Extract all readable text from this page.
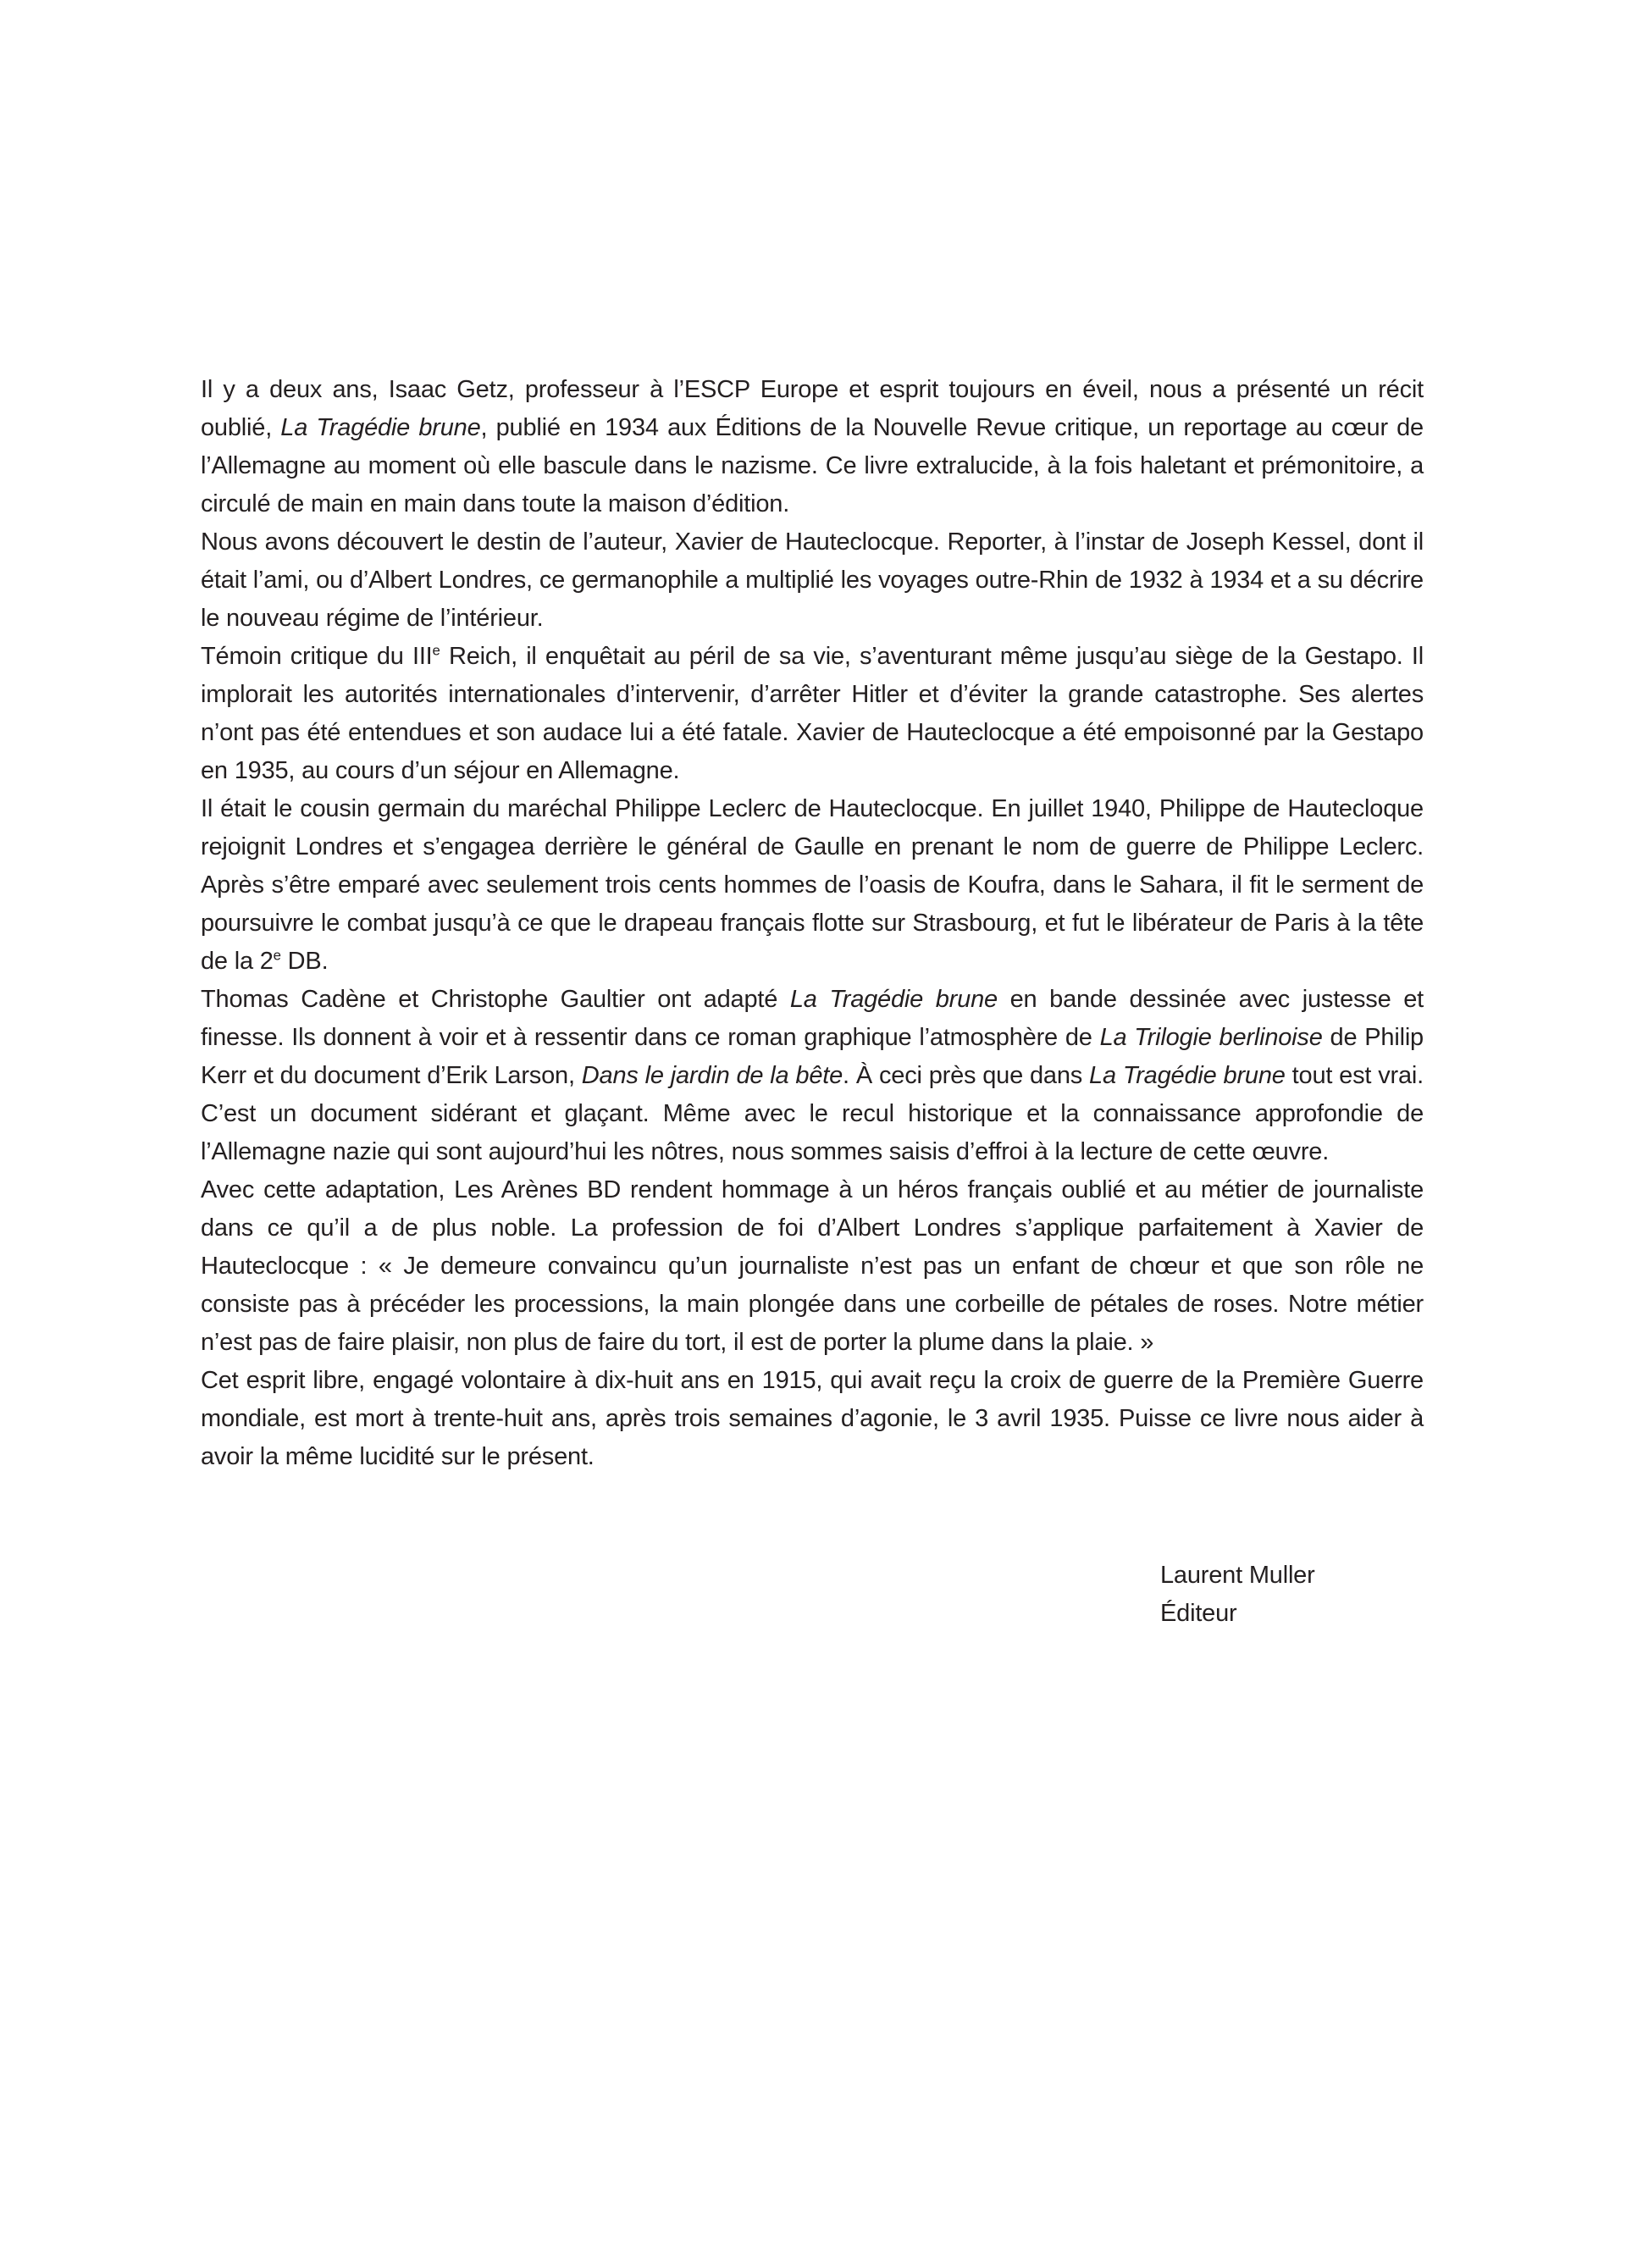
Il y a deux ans, Isaac Getz, professeur à l’ESCP Europe et esprit toujours en éveil, nous a présenté un récit oublié, La Tragédie brune, publié en 1934 aux Éditions de la Nouvelle Revue critique, un reportage au cœur de l’Allemagne au moment où elle bascule dans le nazisme. Ce livre extralucide, à la fois haletant et prémonitoire, a circulé de main en main dans toute la maison d’édition.

Nous avons découvert le destin de l’auteur, Xavier de Hauteclocque. Reporter, à l’instar de Joseph Kessel, dont il était l’ami, ou d’Albert Londres, ce germanophile a multiplié les voyages outre-Rhin de 1932 à 1934 et a su décrire le nouveau régime de l’intérieur.

Témoin critique du IIIe Reich, il enquêtait au péril de sa vie, s’aventurant même jusqu’au siège de la Gestapo. Il implorait les autorités internationales d’intervenir, d’arrêter Hitler et d’éviter la grande catastrophe. Ses alertes n’ont pas été entendues et son audace lui a été fatale. Xavier de Hauteclocque a été empoisonné par la Gestapo en 1935, au cours d’un séjour en Allemagne.

Il était le cousin germain du maréchal Philippe Leclerc de Hauteclocque. En juillet 1940, Philippe de Hautecloque rejoignit Londres et s’engagea derrière le général de Gaulle en prenant le nom de guerre de Philippe Leclerc. Après s’être emparé avec seulement trois cents hommes de l’oasis de Koufra, dans le Sahara, il fit le serment de poursuivre le combat jusqu’à ce que le drapeau français flotte sur Strasbourg, et fut le libérateur de Paris à la tête de la 2e DB.

Thomas Cadène et Christophe Gaultier ont adapté La Tragédie brune en bande dessinée avec justesse et finesse. Ils donnent à voir et à ressentir dans ce roman graphique l’atmosphère de La Trilogie berlinoise de Philip Kerr et du document d’Erik Larson, Dans le jardin de la bête. À ceci près que dans La Tragédie brune tout est vrai. C’est un document sidérant et glaçant. Même avec le recul historique et la connaissance approfondie de l’Allemagne nazie qui sont aujourd’hui les nôtres, nous sommes saisis d’effroi à la lecture de cette œuvre.

Avec cette adaptation, Les Arènes BD rendent hommage à un héros français oublié et au métier de journaliste dans ce qu’il a de plus noble. La profession de foi d’Albert Londres s’applique parfaitement à Xavier de Hauteclocque : « Je demeure convaincu qu’un journaliste n’est pas un enfant de chœur et que son rôle ne consiste pas à précéder les processions, la main plongée dans une corbeille de pétales de roses. Notre métier n’est pas de faire plaisir, non plus de faire du tort, il est de porter la plume dans la plaie. »

Cet esprit libre, engagé volontaire à dix-huit ans en 1915, qui avait reçu la croix de guerre de la Première Guerre mondiale, est mort à trente-huit ans, après trois semaines d’agonie, le 3 avril 1935. Puisse ce livre nous aider à avoir la même lucidité sur le présent.

Laurent Muller
Éditeur
